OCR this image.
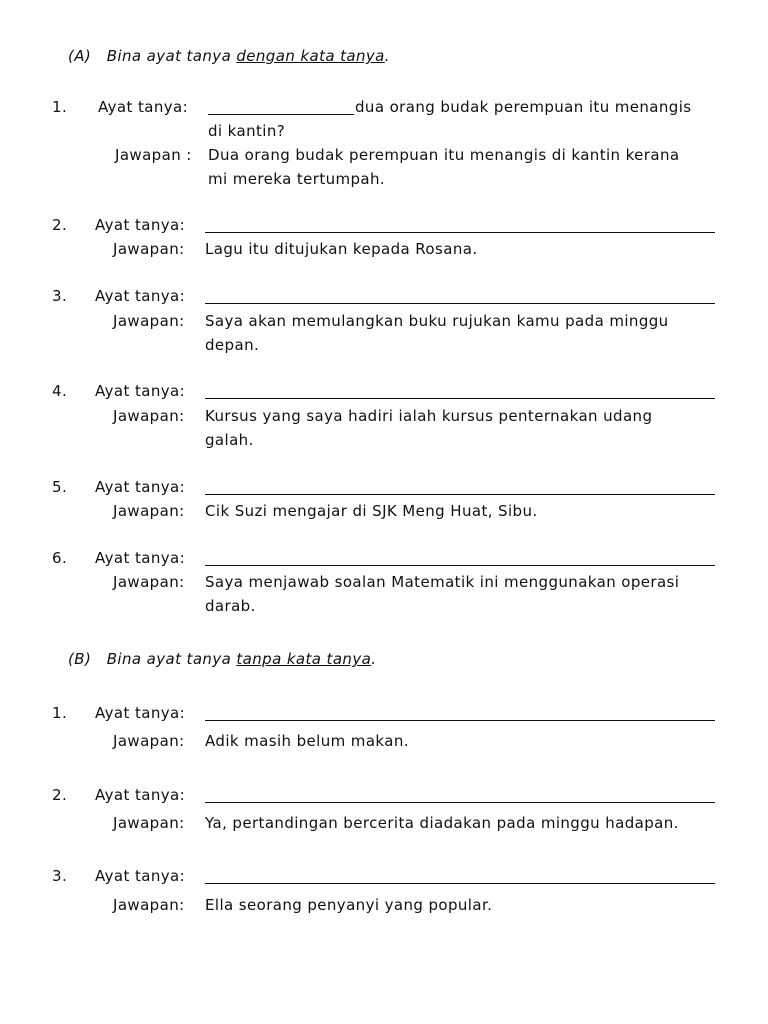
(A) Bina ayat tanya dengan kata tanya.
1. Ayat tanya:	dua orang budak perempuan itu menangis
di kantin?
Jawapan : Dua orang budak perempuan itu menangis di kantin kerana
mi mereka tertumpah.
2. Ayat tanya:
Jawapan: Lagu itu ditujukan kepada Rosana.
3. Ayat tanya:
Jawapan: Saya akan memulangkan buku rujukan kamu pada minggu
depan.
4. Ayat tanya:
Jawapan: Kursus yang saya hadiri ialah kursus penternakan udang
galah.
5. Ayat tanya:
Jawapan: Cik Suzi mengajar di SJK Meng Huat, Sibu.
6. Ayat tanya:
Jawapan: Saya menjawab soalan Matematik ini menggunakan operasi
darab.
(B) Bina ayat tanya tanpa kata tanya.
1. Ayat tanya:
Jawapan: Adik masih belum makan.
2. Ayat tanya:
Jawapan: Ya, pertandingan bercerita diadakan pada minggu hadapan.
3. Ayat tanya:
Jawapan: Ella seorang penyanyi yang popular.
